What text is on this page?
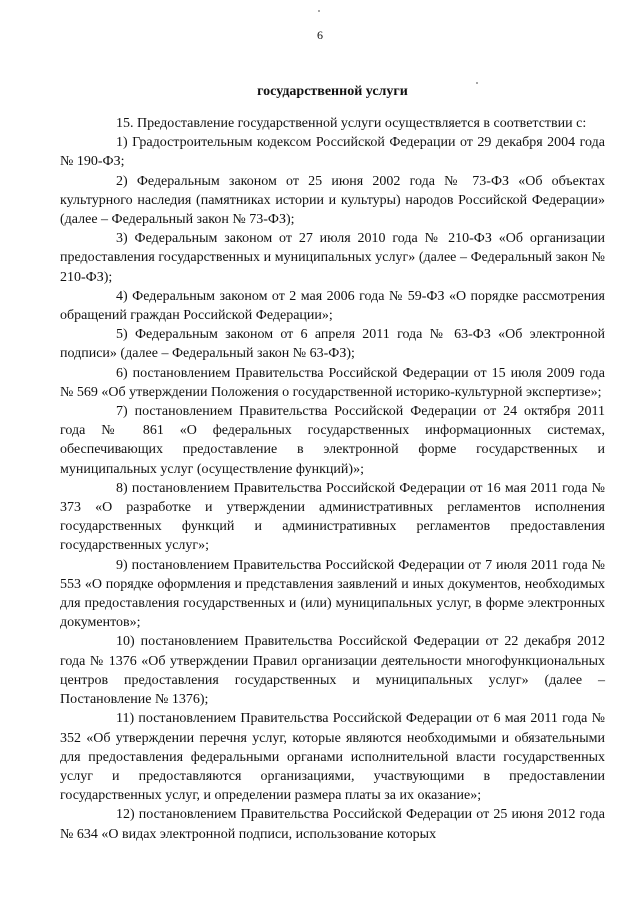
6
государственной услуги

15. Предоставление государственной услуги осуществляется в соответствии с:

1) Градостроительным кодексом Российской Федерации от 29 декабря 2004 года № 190-ФЗ;

2) Федеральным законом от 25 июня 2002 года № 73-ФЗ «Об объектах культурного наследия (памятниках истории и культуры) народов Российской Федерации» (далее – Федеральный закон № 73-ФЗ);

3) Федеральным законом от 27 июля 2010 года № 210-ФЗ «Об организации предоставления государственных и муниципальных услуг» (далее – Федеральный закон № 210-ФЗ);

4) Федеральным законом от 2 мая 2006 года № 59-ФЗ «О порядке рассмотрения обращений граждан Российской Федерации»;

5) Федеральным законом от 6 апреля 2011 года № 63-ФЗ «Об электронной подписи» (далее – Федеральный закон № 63-ФЗ);

6) постановлением Правительства Российской Федерации от 15 июля 2009 года № 569 «Об утверждении Положения о государственной историко-культурной экспертизе»;

7) постановлением Правительства Российской Федерации от 24 октября 2011 года № 861 «О федеральных государственных информационных системах, обеспечивающих предоставление в электронной форме государственных и муниципальных услуг (осуществление функций)»;

8) постановлением Правительства Российской Федерации от 16 мая 2011 года № 373 «О разработке и утверждении административных регламентов исполнения государственных функций и административных регламентов предоставления государственных услуг»;

9) постановлением Правительства Российской Федерации от 7 июля 2011 года № 553 «О порядке оформления и представления заявлений и иных документов, необходимых для предоставления государственных и (или) муниципальных услуг, в форме электронных документов»;

10) постановлением Правительства Российской Федерации от 22 декабря 2012 года № 1376 «Об утверждении Правил организации деятельности многофункциональных центров предоставления государственных и муниципальных услуг» (далее – Постановление № 1376);

11) постановлением Правительства Российской Федерации от 6 мая 2011 года № 352 «Об утверждении перечня услуг, которые являются необходимыми и обязательными для предоставления федеральными органами исполнительной власти государственных услуг и предоставляются организациями, участвующими в предоставлении государственных услуг, и определении размера платы за их оказание»;

12) постановлением Правительства Российской Федерации от 25 июня 2012 года № 634 «О видах электронной подписи, использование которых
